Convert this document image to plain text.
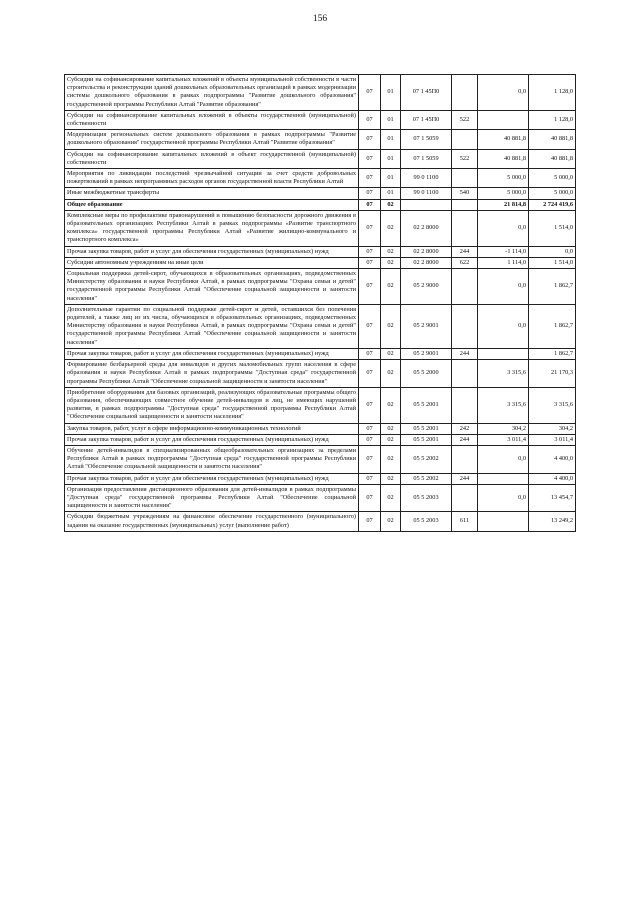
156
Субсидии на софинансирование капитальных вложений в объекты муниципальной собственности в части строительства и реконструкции зданий дошкольных образовательных организаций в рамках модернизации системы дошкольного образования в рамках подпрограммы "Развитие дошкольного образования" государственной программы Республики Алтай "Развитие образования"	07	01	07 1 45П0		0,0	1 128,0
Субсидии на софинансирование капитальных вложений в объекты государственной (муниципальной) собственности	07	01	07 1 45П0	522		1 128,0
Модернизация региональных систем дошкольного образования в рамках подпрограммы "Развитие дошкольного образования" государственной программы Республики Алтай "Развитие образования"	07	01	07 1 5059		40 881,8	40 881,8
Субсидии на софинансирование капитальных вложений в объект государственной (муниципальной) собственности	07	01	07 1 5059	522	40 881,8	40 881,8
Мероприятия по ликвидации последствий чрезвычайной ситуации за счет средств добровольных пожертвований в рамках непрограммных расходов органов государственной власти Республики Алтай	07	01	99 0 1100		5 000,0	5 000,0
Иные межбюджетные трансферты	07	01	99 0 1100	540	5 000,0	5 000,0
Общее образование	07	02			21 814,8	2 724 419,6
Комплексные меры по профилактике правонарушений и повышению безопасности дорожного движения в образовательных организациях Республики Алтай в рамках подпрограммы «Развитие транспортного комплекса» государственной программы Республики Алтай «Развитие жилищно-коммунального и транспортного комплекса»	07	02	02 2 8000		0,0	1 514,0
Прочая закупка товаров, работ и услуг для обеспечения государственных (муниципальных) нужд	07	02	02 2 8000	244	-1 114,0	0,0
Субсидии автономным учреждениям на иные цели	07	02	02 2 8000	622	1 114,0	1 514,0
Социальная поддержка детей-сирот, обучающихся в образовательных организациях, подведомственных Министерству образования и науки Республики Алтай, в рамках подпрограммы "Охрана семьи и детей" государственной программы Республики Алтай "Обеспечение социальной защищенности и занятости населения"	07	02	05 2 9000		0,0	1 862,7
Дополнительные гарантии по социальной поддержке детей-сирот и детей, оставшихся без попечения родителей, а также лиц из их числа, обучающихся в образовательных организациях, подведомственных Министерству образования и науки Республики Алтай, в рамках подпрограммы "Охрана семьи и детей" государственной программы Республики Алтай "Обеспечение социальной защищенности и занятости населения"	07	02	05 2 9001		0,0	1 862,7
Прочая закупка товаров, работ и услуг для обеспечения государственных (муниципальных) нужд	07	02	05 2 9001	244		1 862,7
Формирование безбарьерной среды для инвалидов и других маломобильных групп населения в сфере образования и науки Республики Алтай в рамках подпрограммы "Доступная среда" государственной программы Республики Алтай "Обеспечение социальной защищенности и занятости населения"	07	02	05 5 2000		3 315,6	21 170,3
Приобретение оборудования для базовых организаций, реализующих образовательные программы общего образования, обеспечивающих совместное обучение детей-инвалидов и лиц, не имеющих нарушений развития, в рамках подпрограммы "Доступная среда" государственной программы Республики Алтай "Обеспечение социальной защищенности и занятости населения"	07	02	05 5 2001		3 315,6	3 315,6
Закупка товаров, работ, услуг в сфере информационно-коммуникационных технологий	07	02	05 5 2001	242	304,2	304,2
Прочая закупка товаров, работ и услуг для обеспечения государственных (муниципальных) нужд	07	02	05 5 2001	244	3 011,4	3 011,4
Обучение детей-инвалидов в специализированных общеобразовательных организациях за пределами Республики Алтай в рамках подпрограммы "Доступная среда" государственной программы Республики Алтай "Обеспечение социальной защищенности и занятости населения"	07	02	05 5 2002		0,0	4 400,0
Прочая закупка товаров, работ и услуг для обеспечения государственных (муниципальных) нужд	07	02	05 5 2002	244		4 400,0
Организация предоставления дистанционного образования для детей-инвалидов в рамках подпрограммы "Доступная среда" государственной программы Республики Алтай "Обеспечение социальной защищенности и занятости населения"	07	02	05 5 2003		0,0	13 454,7
Субсидии бюджетным учреждениям на финансовое обеспечение государственного (муниципального) задания на оказание государственных (муниципальных) услуг (выполнение работ)	07	02	05 5 2003	611		13 249,2
